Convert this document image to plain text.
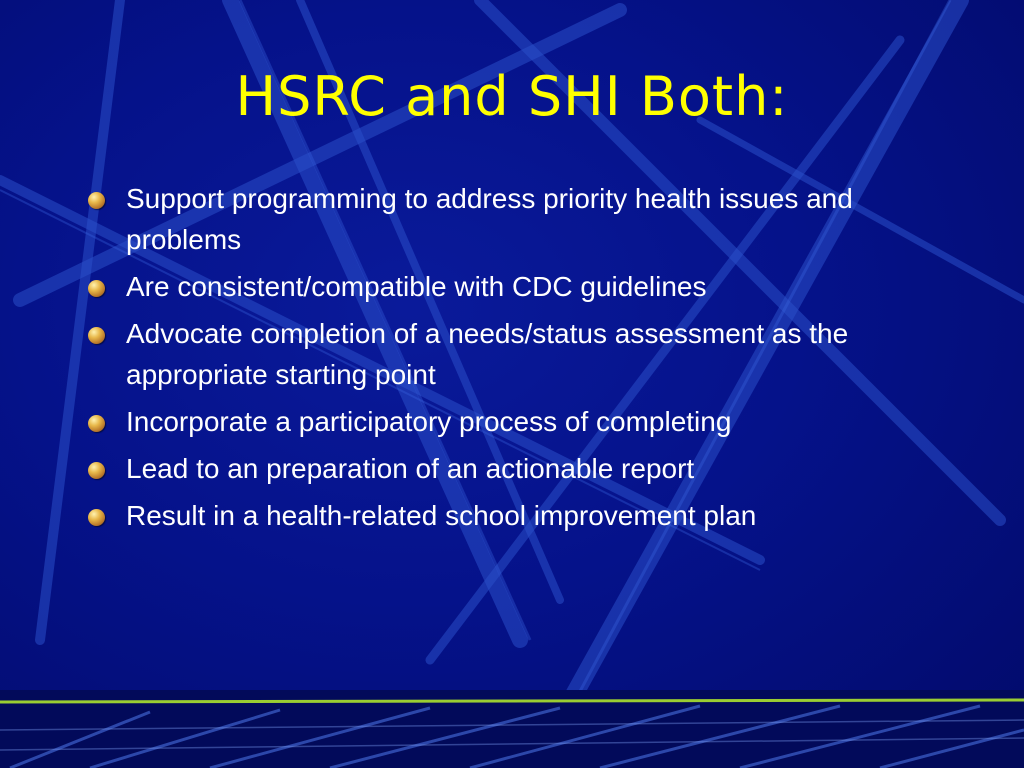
HSRC and SHI Both:
Support programming to address priority health issues and problems
Are consistent/compatible with CDC guidelines
Advocate completion of a needs/status assessment as the appropriate starting point
Incorporate a participatory process of completing
Lead to an preparation of an actionable report
Result in a health-related school improvement plan
